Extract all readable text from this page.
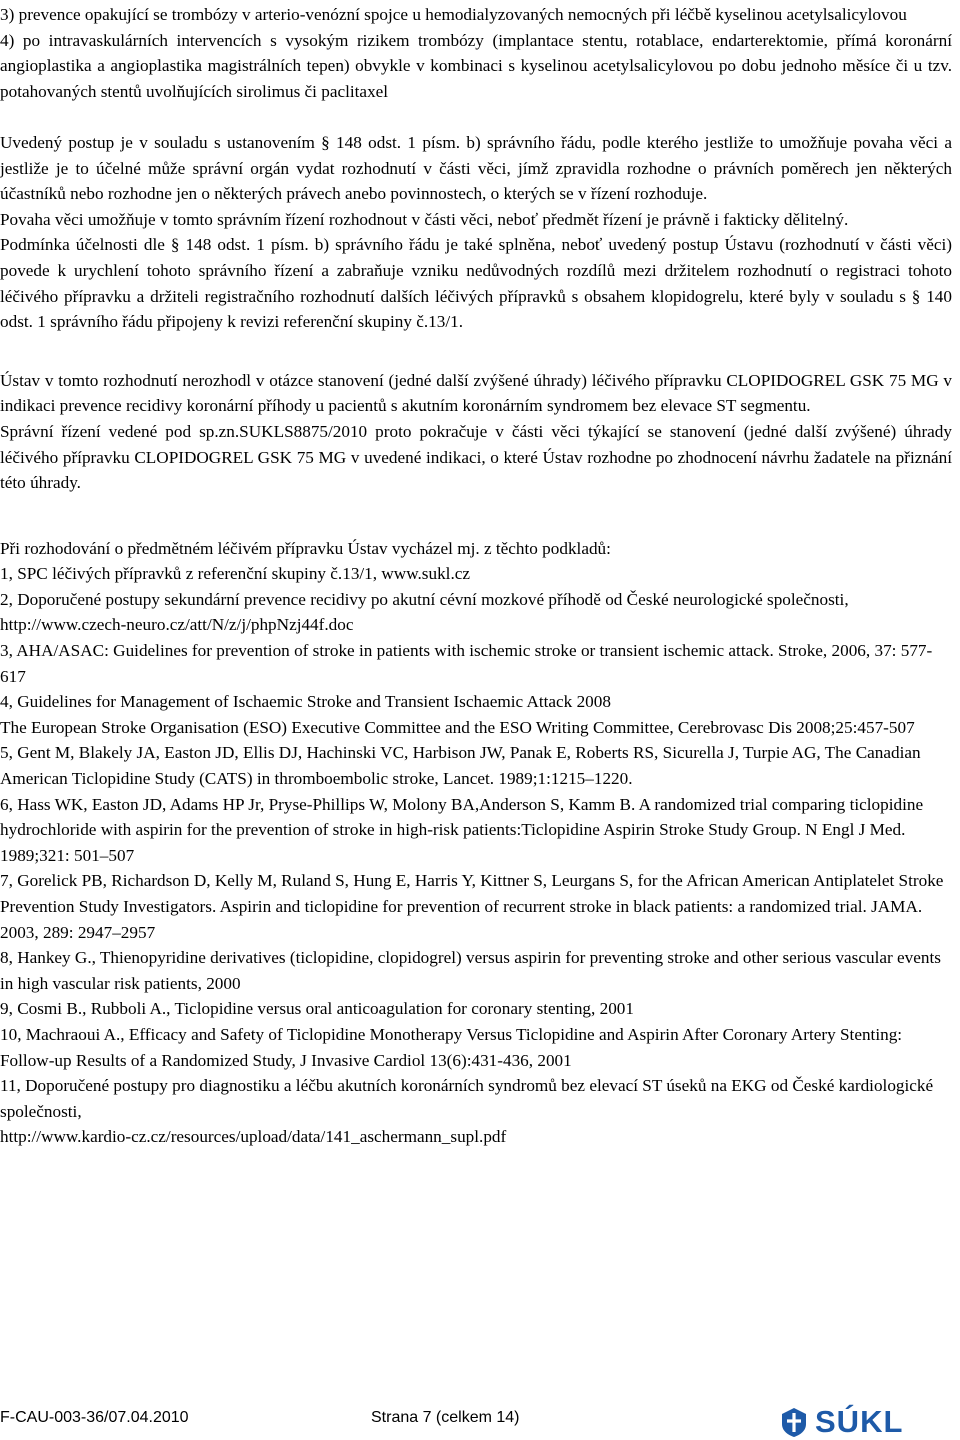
3) prevence opakující se trombózy v arterio-venózní spojce u hemodialyzovaných nemocných při léčbě kyselinou acetylsalicylovou

4) po intravaskulárních intervencích s vysokým rizikem trombózy (implantace stentu, rotablace, endarterektomie, přímá koronární angioplastika a angioplastika magistrálních tepen) obvykle v kombinaci s kyselinou acetylsalicylovou po dobu jednoho měsíce či u tzv. potahovaných stentů uvolňujících sirolimus či paclitaxel

Uvedený postup je v souladu s ustanovením § 148 odst. 1 písm. b) správního řádu, podle kterého jestliže to umožňuje povaha věci a jestliže je to účelné může správní orgán vydat rozhodnutí v části věci, jímž zpravidla rozhodne o právních poměrech jen některých účastníků nebo rozhodne jen o některých právech anebo povinnostech, o kterých se v řízení rozhoduje.

Povaha věci umožňuje v tomto správním řízení rozhodnout v části věci, neboť předmět řízení je právně i fakticky dělitelný.

Podmínka účelnosti dle § 148 odst. 1 písm. b) správního řádu je také splněna, neboť uvedený postup Ústavu (rozhodnutí v části věci) povede k urychlení tohoto správního řízení a zabraňuje vzniku nedůvodných rozdílů mezi držitelem rozhodnutí o registraci tohoto léčivého přípravku a držiteli registračního rozhodnutí dalších léčivých přípravků s obsahem klopidogrelu, které byly v souladu s § 140 odst. 1 správního řádu připojeny k revizi referenční skupiny č.13/1.

Ústav v tomto rozhodnutí nerozhodl v otázce stanovení (jedné další zvýšené úhrady) léčivého přípravku CLOPIDOGREL GSK 75 MG v indikaci prevence recidivy koronární příhody u pacientů s akutním koronárním syndromem bez elevace ST segmentu.

Správní řízení vedené pod sp.zn.SUKLS8875/2010 proto pokračuje v části věci týkající se stanovení (jedné další zvýšené) úhrady léčivého přípravku CLOPIDOGREL GSK 75 MG v uvedené indikaci, o které Ústav rozhodne po zhodnocení návrhu žadatele na přiznání této úhrady.

Při rozhodování o předmětném léčivém přípravku Ústav vycházel mj. z těchto podkladů:

1, SPC léčivých přípravků z referenční skupiny č.13/1, www.sukl.cz

2, Doporučené postupy sekundární prevence recidivy po akutní cévní mozkové příhodě od České neurologické společnosti, http://www.czech-neuro.cz/att/N/z/j/phpNzj44f.doc

3, AHA/ASAC: Guidelines for prevention of stroke in patients with ischemic stroke or transient ischemic attack. Stroke, 2006, 37: 577-617

4, Guidelines for Management of Ischaemic Stroke and Transient Ischaemic Attack 2008

The European Stroke Organisation (ESO) Executive Committee and the ESO Writing Committee, Cerebrovasc Dis 2008;25:457-507

5, Gent M, Blakely JA, Easton JD, Ellis DJ, Hachinski VC, Harbison JW, Panak E, Roberts RS, Sicurella J, Turpie AG, The Canadian American Ticlopidine Study (CATS) in thromboembolic stroke, Lancet. 1989;1:1215–1220.

6, Hass WK, Easton JD, Adams HP Jr, Pryse-Phillips W, Molony BA,Anderson S, Kamm B. A randomized trial comparing ticlopidine hydrochloride with aspirin for the prevention of stroke in high-risk patients:Ticlopidine Aspirin Stroke Study Group. N Engl J Med. 1989;321: 501–507

7, Gorelick PB, Richardson D, Kelly M, Ruland S, Hung E, Harris Y, Kittner S, Leurgans S, for the African American Antiplatelet Stroke Prevention Study Investigators. Aspirin and ticlopidine for prevention of recurrent stroke in black patients: a randomized trial. JAMA. 2003, 289: 2947–2957

8, Hankey G., Thienopyridine derivatives (ticlopidine, clopidogrel) versus aspirin for preventing stroke and other serious vascular events in high vascular risk patients, 2000

9, Cosmi B., Rubboli A., Ticlopidine versus oral anticoagulation for coronary stenting, 2001

10, Machraoui A., Efficacy and Safety of Ticlopidine Monotherapy Versus Ticlopidine and Aspirin After Coronary Artery Stenting: Follow-up Results of a Randomized Study, J Invasive Cardiol 13(6):431-436, 2001

11, Doporučené postupy pro diagnostiku a léčbu akutních koronárních syndromů bez elevací ST úseků na EKG od České kardiologické společnosti,

http://www.kardio-cz.cz/resources/upload/data/141_aschermann_supl.pdf

F-CAU-003-36/07.04.2010	Strana 7 (celkem 14)	SÚKL
